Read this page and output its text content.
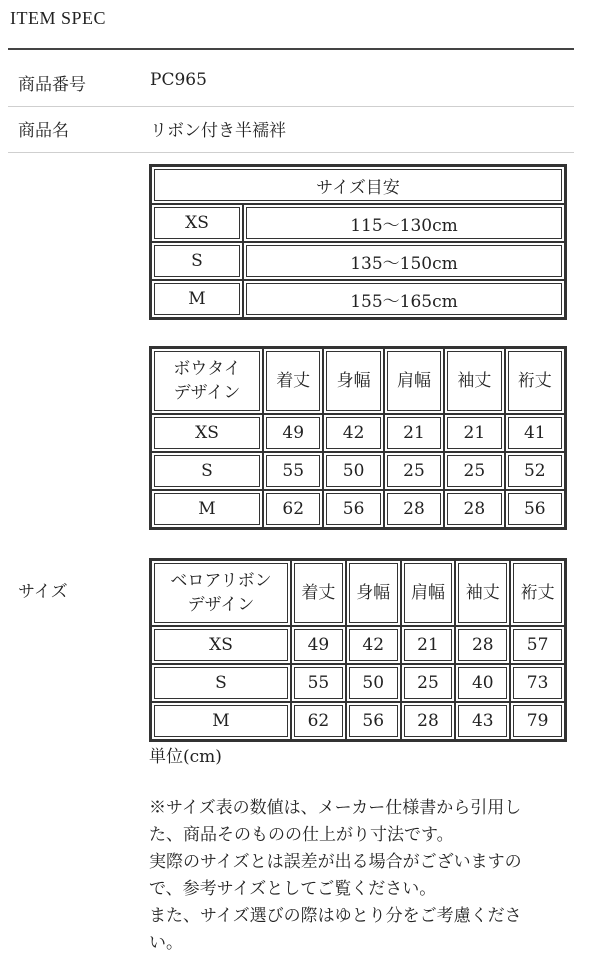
ITEM SPEC
商品番号	PC965
商品名	リボン付き半襦袢
サイズ目安	
XS	115〜130cm
S	135〜150cm
M	155〜165cm
ボウタイ
デザイン	着丈	身幅	肩幅	袖丈	裄丈
XS	49	42	21	21	41
S	55	50	25	25	52
M	62	56	28	28	56
サイズ
ベロアリボン
デザイン	着丈	身幅	肩幅	袖丈	裄丈
XS	49	42	21	28	57
S	55	50	25	40	73
M	62	56	28	43	79
単位(cm)
※サイズ表の数値は、メーカー仕様書から引用し
た、商品そのものの仕上がり寸法です。
実際のサイズとは誤差が出る場合がございますの
で、参考サイズとしてご覧ください。
また、サイズ選びの際はゆとり分をご考慮くださ
い。
